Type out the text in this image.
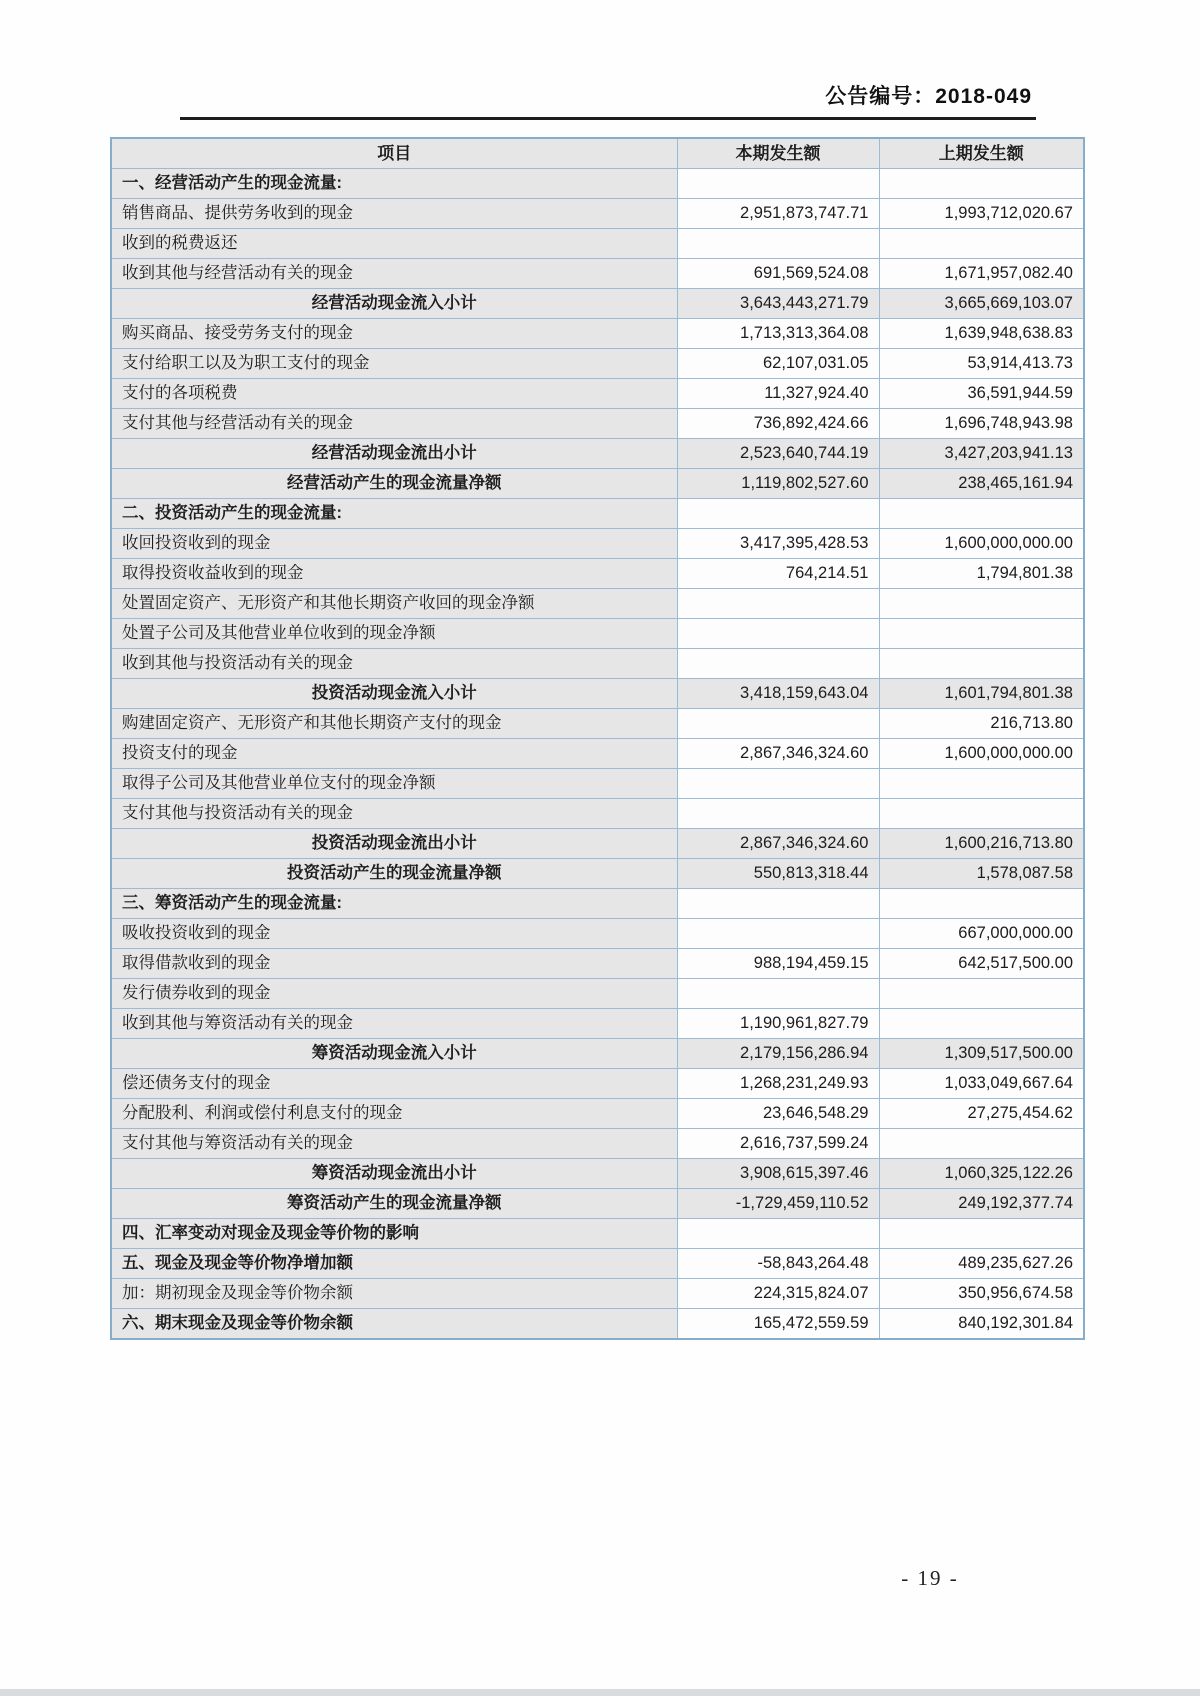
公告编号：2018-049
项目	本期发生额	上期发生额
一、经营活动产生的现金流量:		
销售商品、提供劳务收到的现金	2,951,873,747.71	1,993,712,020.67
收到的税费返还		
收到其他与经营活动有关的现金	691,569,524.08	1,671,957,082.40
经营活动现金流入小计	3,643,443,271.79	3,665,669,103.07
购买商品、接受劳务支付的现金	1,713,313,364.08	1,639,948,638.83
支付给职工以及为职工支付的现金	62,107,031.05	53,914,413.73
支付的各项税费	11,327,924.40	36,591,944.59
支付其他与经营活动有关的现金	736,892,424.66	1,696,748,943.98
经营活动现金流出小计	2,523,640,744.19	3,427,203,941.13
经营活动产生的现金流量净额	1,119,802,527.60	238,465,161.94
二、投资活动产生的现金流量:		
收回投资收到的现金	3,417,395,428.53	1,600,000,000.00
取得投资收益收到的现金	764,214.51	1,794,801.38
处置固定资产、无形资产和其他长期资产收回的现金净额		
处置子公司及其他营业单位收到的现金净额		
收到其他与投资活动有关的现金		
投资活动现金流入小计	3,418,159,643.04	1,601,794,801.38
购建固定资产、无形资产和其他长期资产支付的现金		216,713.80
投资支付的现金	2,867,346,324.60	1,600,000,000.00
取得子公司及其他营业单位支付的现金净额		
支付其他与投资活动有关的现金		
投资活动现金流出小计	2,867,346,324.60	1,600,216,713.80
投资活动产生的现金流量净额	550,813,318.44	1,578,087.58
三、筹资活动产生的现金流量:		
吸收投资收到的现金		667,000,000.00
取得借款收到的现金	988,194,459.15	642,517,500.00
发行债券收到的现金		
收到其他与筹资活动有关的现金	1,190,961,827.79	
筹资活动现金流入小计	2,179,156,286.94	1,309,517,500.00
偿还债务支付的现金	1,268,231,249.93	1,033,049,667.64
分配股利、利润或偿付利息支付的现金	23,646,548.29	27,275,454.62
支付其他与筹资活动有关的现金	2,616,737,599.24	
筹资活动现金流出小计	3,908,615,397.46	1,060,325,122.26
筹资活动产生的现金流量净额	-1,729,459,110.52	249,192,377.74
四、汇率变动对现金及现金等价物的影响		
五、现金及现金等价物净增加额	-58,843,264.48	489,235,627.26
加：期初现金及现金等价物余额	224,315,824.07	350,956,674.58
六、期末现金及现金等价物余额	165,472,559.59	840,192,301.84
- 19 -
